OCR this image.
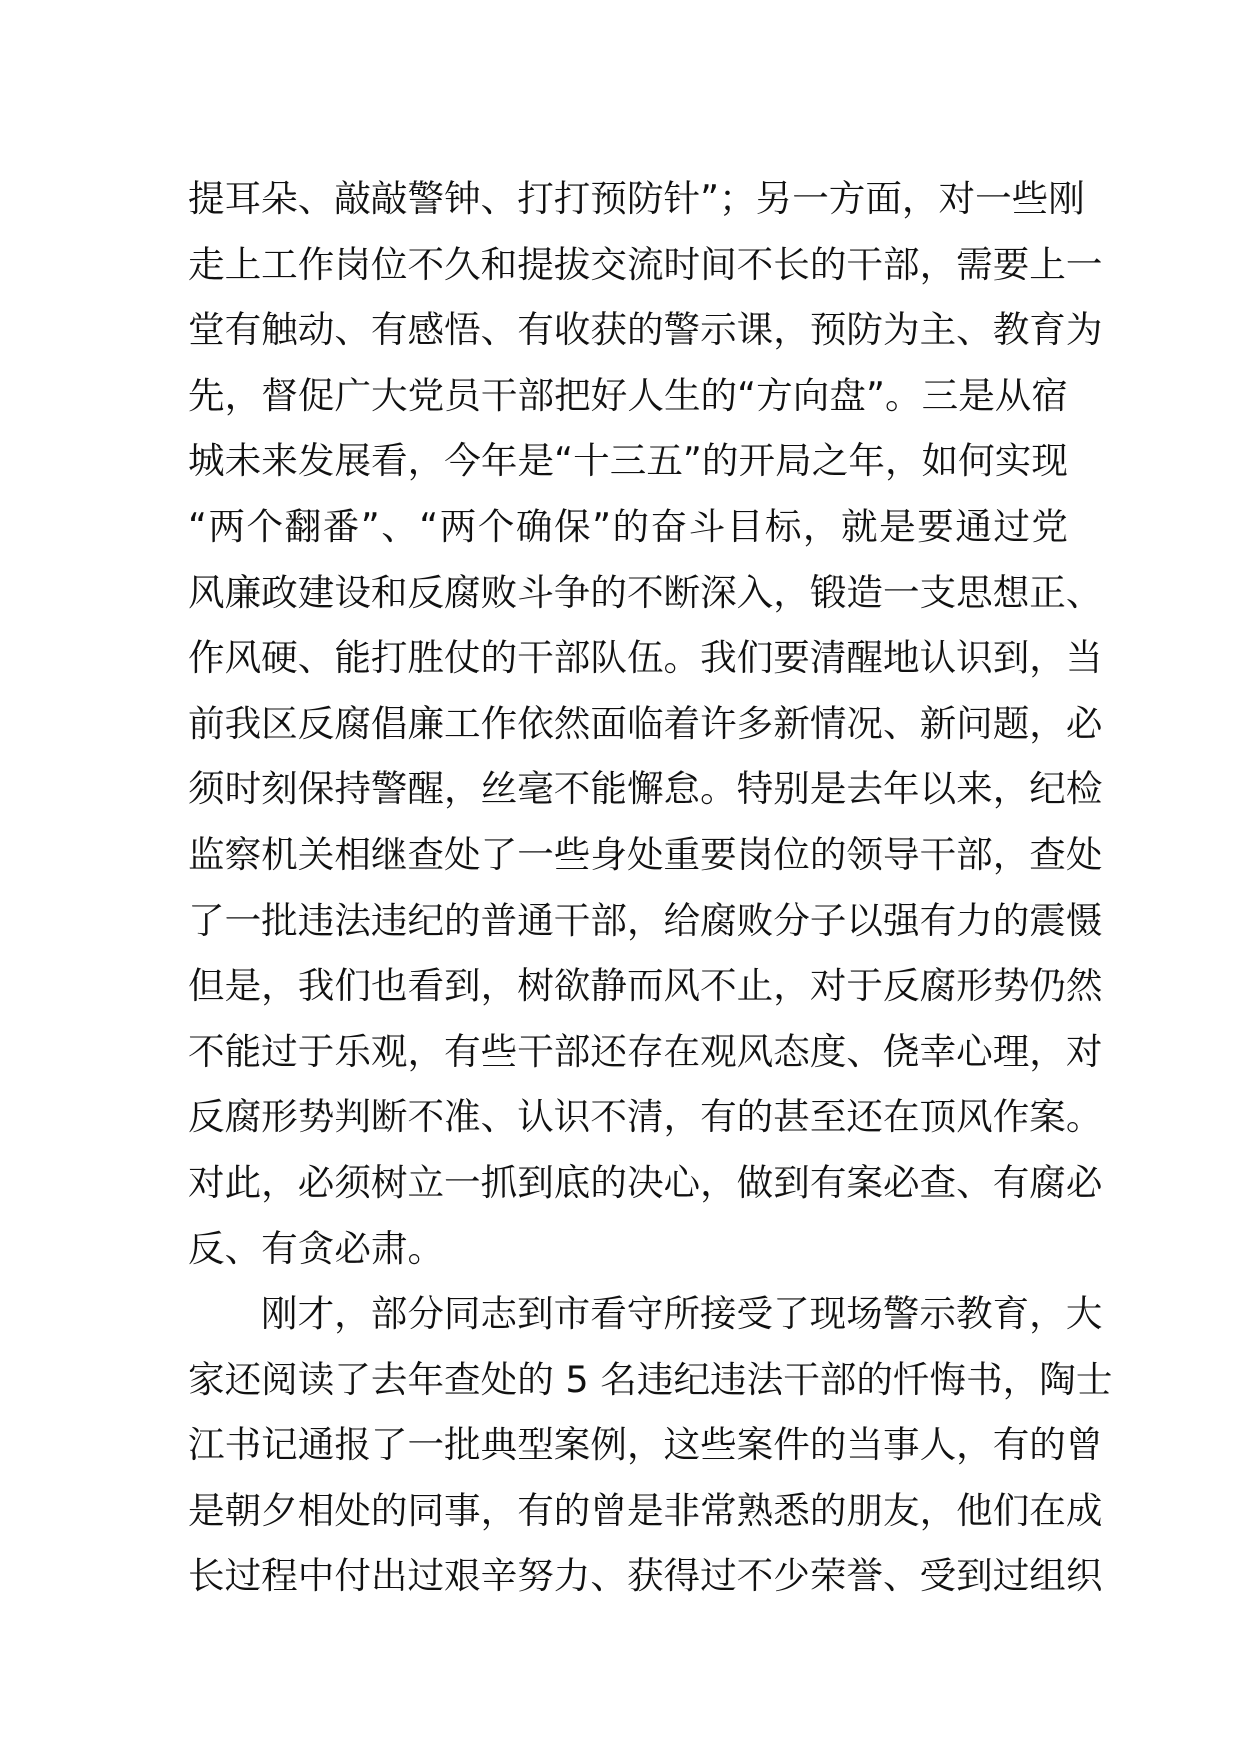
提耳朵、敲敲警钟、打打预防针”；另一方面，对一些刚
走上工作岗位不久和提拔交流时间不长的干部，需要上一
堂有触动、有感悟、有收获的警示课，预防为主、教育为
先，督促广大党员干部把好人生的“方向盘”。三是从宿
城未来发展看，今年是“十三五”的开局之年，如何实现
“两个翻番”、“两个确保”的奋斗目标，就是要通过党
风廉政建设和反腐败斗争的不断深入，锻造一支思想正、
作风硬、能打胜仗的干部队伍。我们要清醒地认识到，当
前我区反腐倡廉工作依然面临着许多新情况、新问题，必
须时刻保持警醒，丝毫不能懈怠。特别是去年以来，纪检
监察机关相继查处了一些身处重要岗位的领导干部，查处
了一批违法违纪的普通干部，给腐败分子以强有力的震慑
但是，我们也看到，树欲静而风不止，对于反腐形势仍然
不能过于乐观，有些干部还存在观风态度、侥幸心理，对
反腐形势判断不准、认识不清，有的甚至还在顶风作案。
对此，必须树立一抓到底的决心，做到有案必查、有腐必
反、有贪必肃。
刚才，部分同志到市看守所接受了现场警示教育，大
家还阅读了去年查处的 5 名违纪违法干部的忏悔书，陶士
江书记通报了一批典型案例，这些案件的当事人，有的曾
是朝夕相处的同事，有的曾是非常熟悉的朋友，他们在成
长过程中付出过艰辛努力、获得过不少荣誉、受到过组织
